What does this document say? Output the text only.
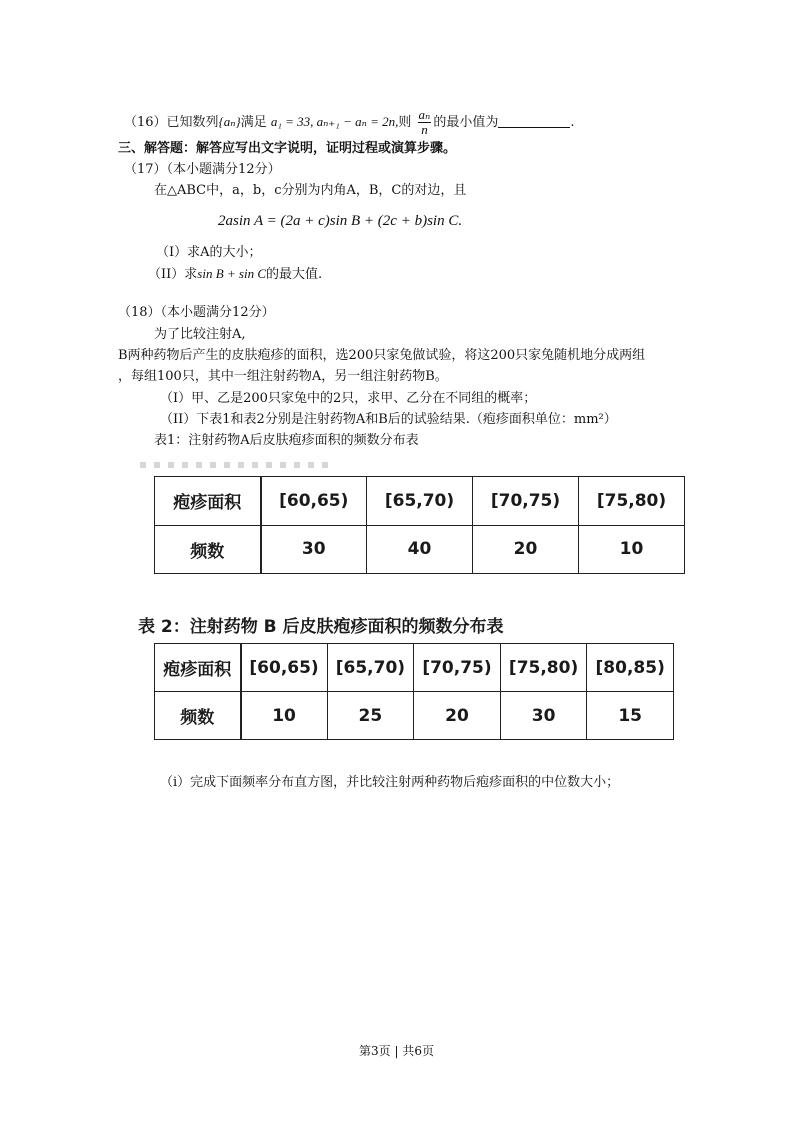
（16）已知数列{aₙ}满足 a₁ = 33, aₙ₊₁ − aₙ = 2n,则 $\frac{\text{aₙ}}{n}$ 的最小值为	.
三、解答题：解答应写出文字说明，证明过程或演算步骤。
（17）（本小题满分12分）
在△ABC中，a，b，c分别为内角A，B，C的对边，且
2asin A = (2a + c)sin B + (2c + b)sin C.
（I）求A的大小；
（II）求sin B + sin C的最大值.
（18）（本小题满分12分）
为了比较注射A,
B两种药物后产生的皮肤疱疹的面积，选200只家兔做试验，将这200只家兔随机地分成两组
，每组100只，其中一组注射药物A，另一组注射药物B。
（I）甲、乙是200只家兔中的2只，求甲、乙分在不同组的概率；
（II）下表1和表2分别是注射药物A和B后的试验结果.（疱疹面积单位：mm²）
表1：注射药物A后皮肤疱疹面积的频数分布表
疱疹面积	[60,65)	[65,70)	[70,75)	[75,80)
频数	30	40	20	10
表 2：注射药物 B 后皮肤疱疹面积的频数分布表
疱疹面积	[60,65)	[65,70)	[70,75)	[75,80)	[80,85)
频数	10	25	20	30	15
（i）完成下面频率分布直方图，并比较注射两种药物后疱疹面积的中位数大小；
第3页 | 共6页
